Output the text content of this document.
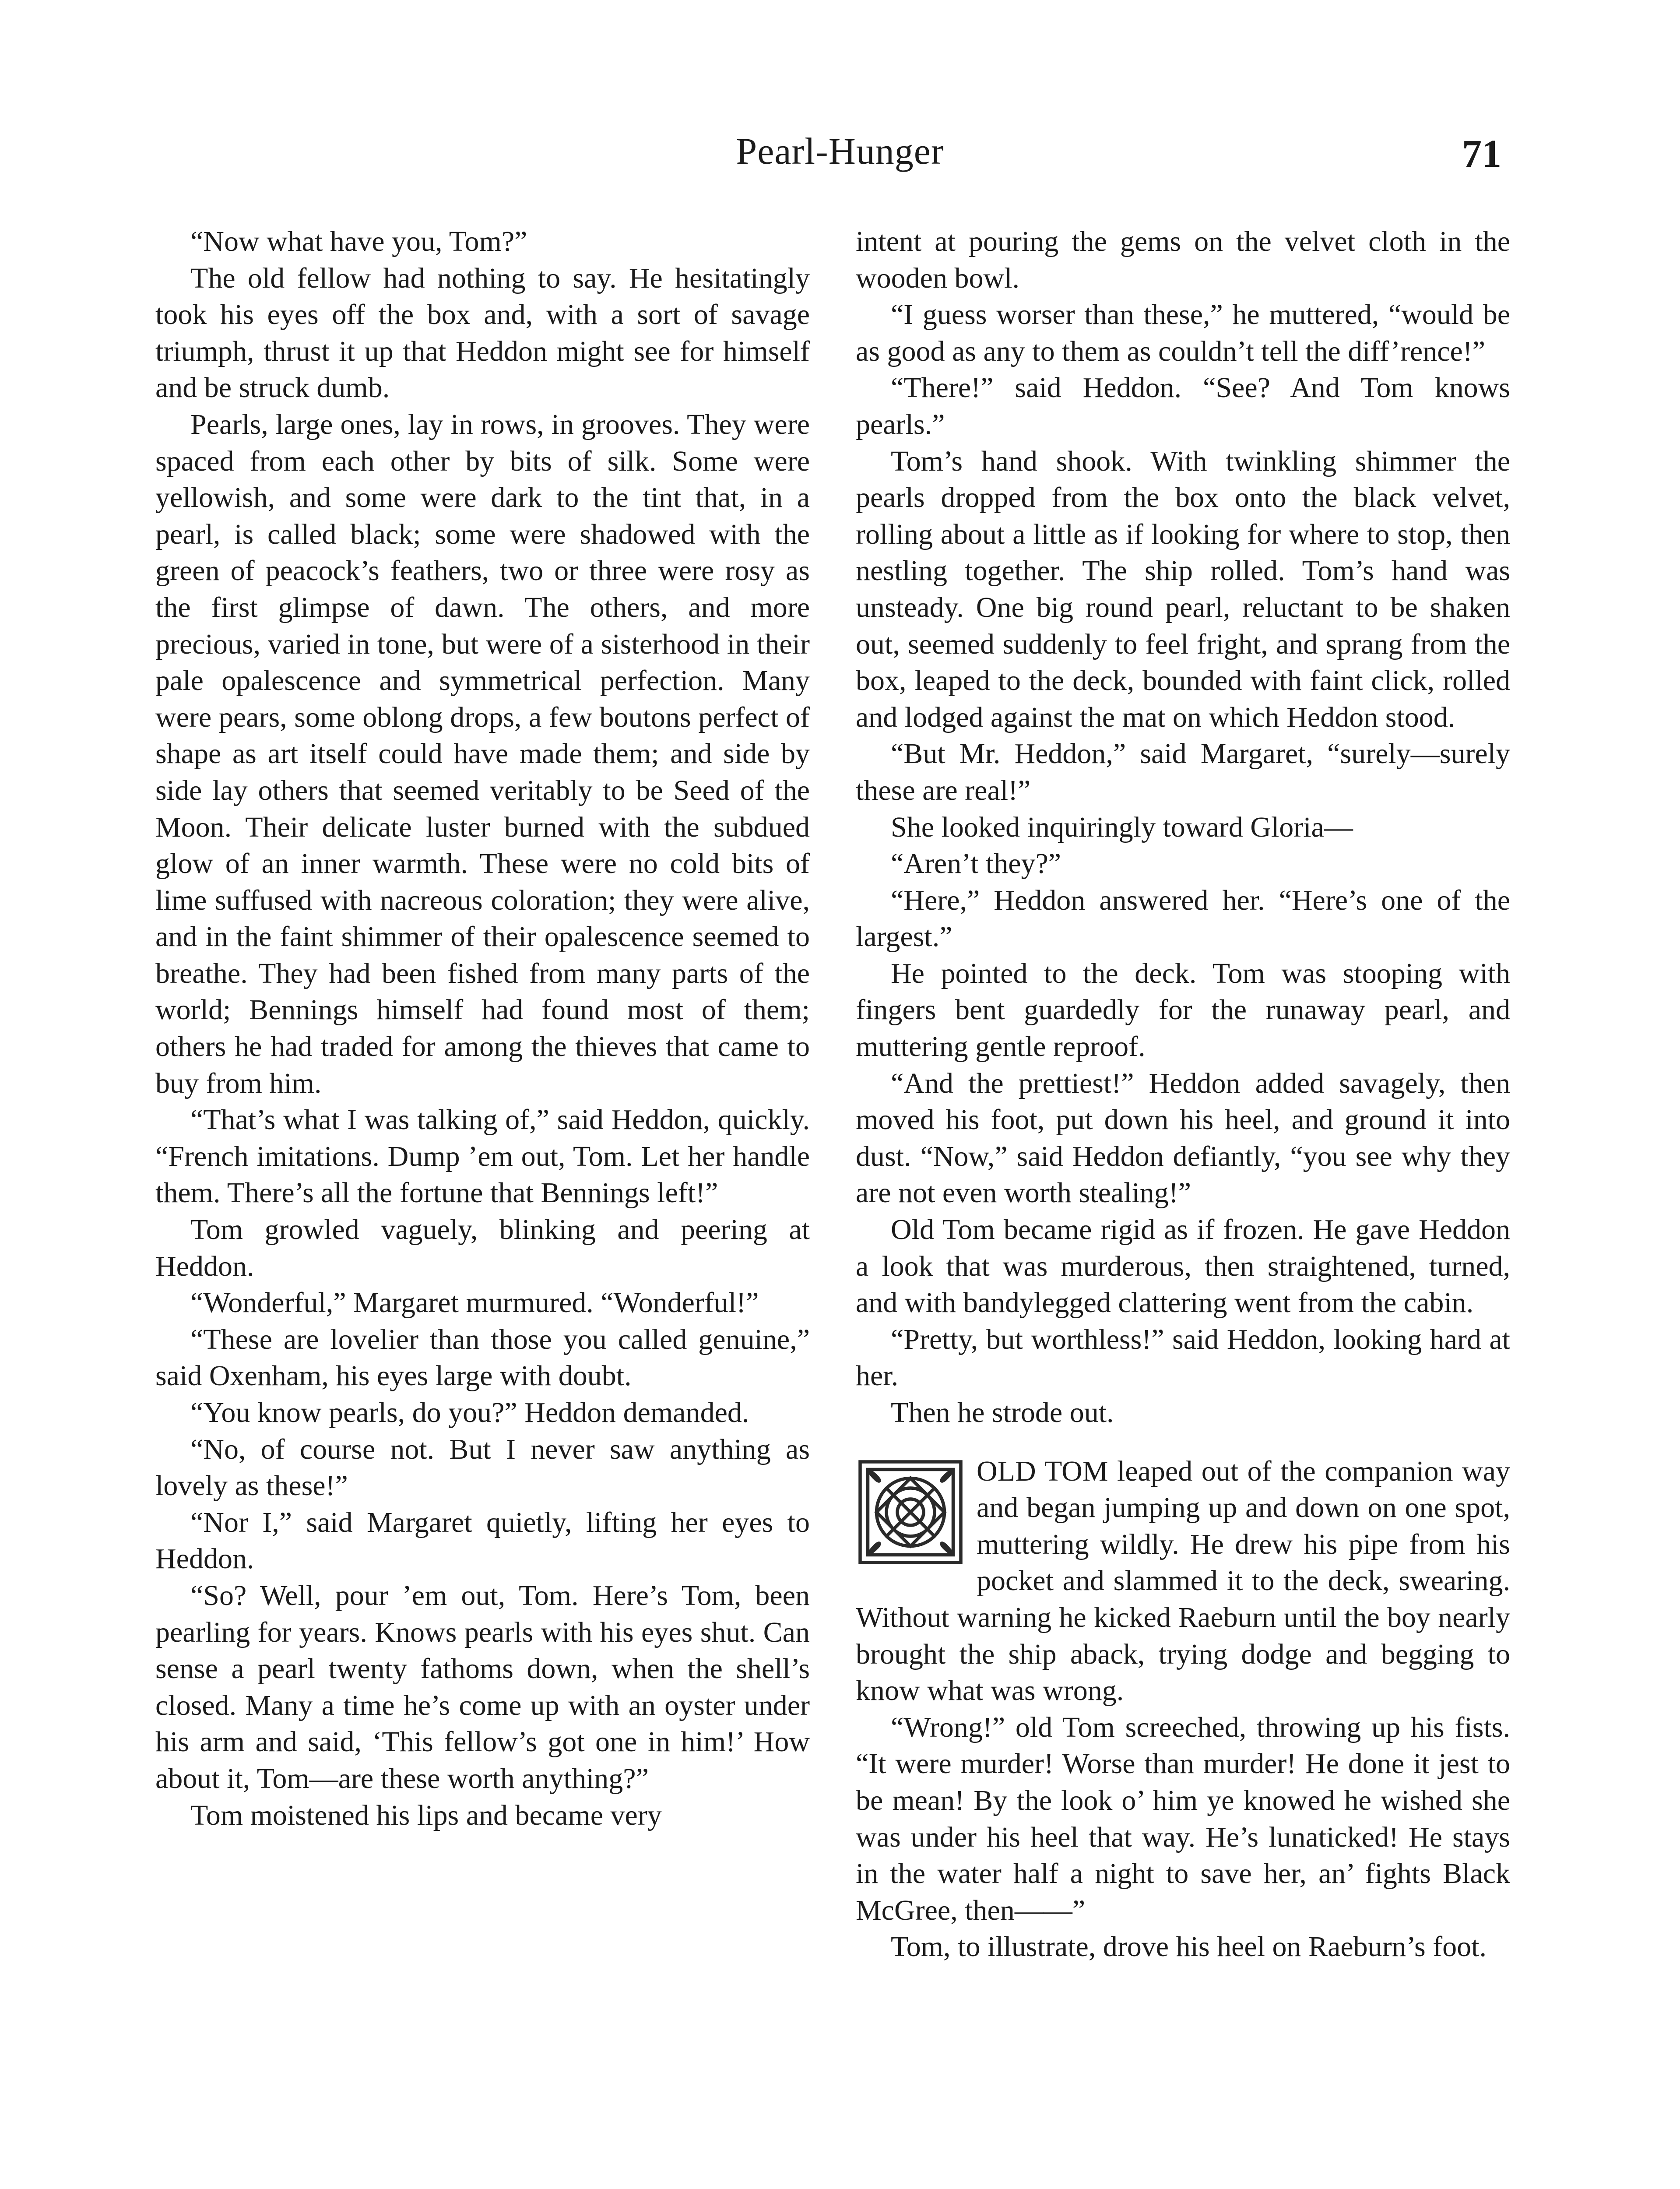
Pearl-Hunger	71

“Now what have you, Tom?”

The old fellow had nothing to say. He hesitatingly took his eyes off the box and, with a sort of savage triumph, thrust it up that Heddon might see for himself and be struck dumb.

Pearls, large ones, lay in rows, in grooves. They were spaced from each other by bits of silk. Some were yellowish, and some were dark to the tint that, in a pearl, is called black; some were shadowed with the green of peacock’s feathers, two or three were rosy as the first glimpse of dawn. The others, and more precious, varied in tone, but were of a sisterhood in their pale opalescence and symmetrical perfection. Many were pears, some oblong drops, a few boutons perfect of shape as art itself could have made them; and side by side lay others that seemed veritably to be Seed of the Moon. Their delicate luster burned with the subdued glow of an inner warmth. These were no cold bits of lime suffused with nacreous coloration; they were alive, and in the faint shimmer of their opalescence seemed to breathe. They had been fished from many parts of the world; Bennings himself had found most of them; others he had traded for among the thieves that came to buy from him.

“That’s what I was talking of,” said Heddon, quickly. “French imitations. Dump ’em out, Tom. Let her handle them. There’s all the fortune that Bennings left!”

Tom growled vaguely, blinking and peering at Heddon.

“Wonderful,” Margaret murmured. “Wonderful!”

“These are lovelier than those you called genuine,” said Oxenham, his eyes large with doubt.

“You know pearls, do you?” Heddon demanded.

“No, of course not. But I never saw anything as lovely as these!”

“Nor I,” said Margaret quietly, lifting her eyes to Heddon.

“So? Well, pour ’em out, Tom. Here’s Tom, been pearling for years. Knows pearls with his eyes shut. Can sense a pearl twenty fathoms down, when the shell’s closed. Many a time he’s come up with an oyster under his arm and said, ‘This fellow’s got one in him!’ How about it, Tom—are these worth anything?”

Tom moistened his lips and became very

intent at pouring the gems on the velvet cloth in the wooden bowl.

“I guess worser than these,” he muttered, “would be as good as any to them as couldn’t tell the diff’rence!”

“There!” said Heddon. “See? And Tom knows pearls.”

Tom’s hand shook. With twinkling shimmer the pearls dropped from the box onto the black velvet, rolling about a little as if looking for where to stop, then nestling together. The ship rolled. Tom’s hand was unsteady. One big round pearl, reluctant to be shaken out, seemed suddenly to feel fright, and sprang from the box, leaped to the deck, bounded with faint click, rolled and lodged against the mat on which Heddon stood.

“But Mr. Heddon,” said Margaret, “surely—surely these are real!”

She looked inquiringly toward Gloria—

“Aren’t they?”

“Here,” Heddon answered her. “Here’s one of the largest.”

He pointed to the deck. Tom was stooping with fingers bent guardedly for the runaway pearl, and muttering gentle reproof.

“And the prettiest!” Heddon added savagely, then moved his foot, put down his heel, and ground it into dust. “Now,” said Heddon defiantly, “you see why they are not even worth stealing!”

Old Tom became rigid as if frozen. He gave Heddon a look that was murderous, then straightened, turned, and with bandylegged clattering went from the cabin.

“Pretty, but worthless!” said Heddon, looking hard at her.

Then he strode out.

OLD TOM leaped out of the companion way and began jumping up and down on one spot, muttering wildly. He drew his pipe from his pocket and slammed it to the deck, swearing. Without warning he kicked Raeburn until the boy nearly brought the ship aback, trying dodge and begging to know what was wrong.

“Wrong!” old Tom screeched, throwing up his fists. “It were murder! Worse than murder! He done it jest to be mean! By the look o’ him ye knowed he wished she was under his heel that way. He’s lunaticked! He stays in the water half a night to save her, an’ fights Black McGree, then——”

Tom, to illustrate, drove his heel on Raeburn’s foot.
